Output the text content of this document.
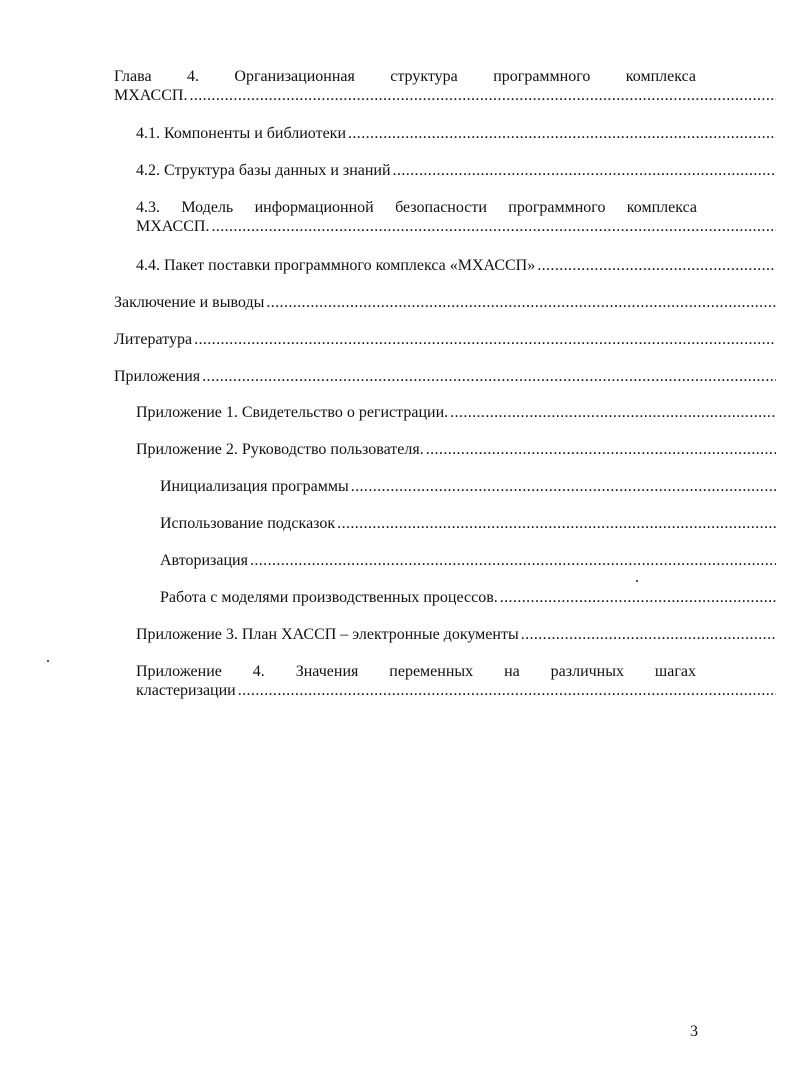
Глава 4. Организационная структура программного комплекса
МХАССП.
.....
4.1. Компоненты и библиотеки
.....
4.2. Структура базы данных и знаний
.....
4.3. Модель информационной безопасности программного комплекса
МХАССП.
.....
4.4. Пакет поставки программного комплекса «МХАССП»
.....
Заключение и выводы
.....
Литература
.....
Приложения
.....
Приложение 1. Свидетельство о регистрации.
.....
Приложение 2. Руководство пользователя.
.....
Инициализация программы
.....
Использование подсказок
.....
Авторизация
.....
Работа с моделями производственных процессов.
.....
Приложение 3. План ХАССП – электронные документы
.....
Приложение 4. Значения переменных на различных шагах
кластеризации
.....
3
